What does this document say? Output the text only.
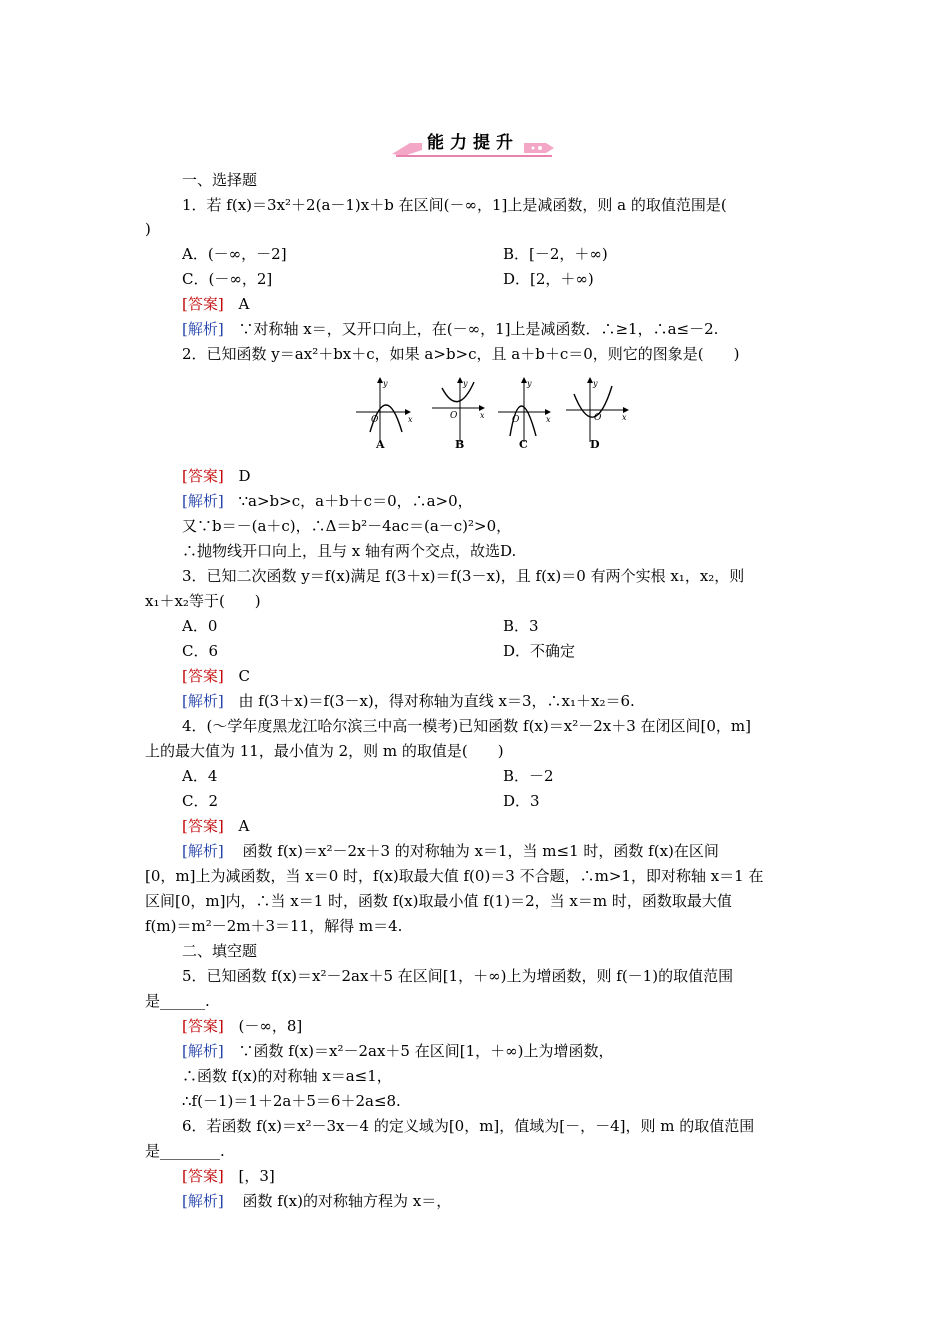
能力提升
一、选择题
1．若 f(x)＝3x²＋2(a－1)x＋b 在区间(－∞，1]上是减函数，则 a 的取值范围是(
)
A．(－∞，－2]	B．[－2，＋∞)
C．(－∞，2]	D．[2，＋∞)
[答案] A
[解析] ∵对称轴 x＝，又开口向上，在(－∞，1]上是减函数．∴≥1，∴a≤－2.
2．已知函数 y＝ax²＋bx＋c，如果 a>b>c，且 a＋b＋c＝0，则它的图象是(　　)
y
x
O
A
y
x
O
B
y
x
O
C
y
x
O
D
[答案] D
[解析] ∵a>b>c，a＋b＋c＝0，∴a>0，
又∵b＝－(a＋c)，∴Δ＝b²－4ac＝(a－c)²>0，
∴抛物线开口向上，且与 x 轴有两个交点，故选D.
3．已知二次函数 y＝f(x)满足 f(3＋x)＝f(3－x)，且 f(x)＝0 有两个实根 x₁，x₂，则
x₁＋x₂等于(　　)
A．0	B．3
C．6	D．不确定
[答案] C
[解析] 由 f(3＋x)＝f(3－x)，得对称轴为直线 x＝3，∴x₁＋x₂＝6.
4．(～学年度黑龙江哈尔滨三中高一模考)已知函数 f(x)＝x²－2x＋3 在闭区间[0，m]
上的最大值为 11，最小值为 2，则 m 的取值是(　　)
A．4	B．－2
C．2	D．3
[答案] A
[解析] 函数 f(x)＝x²－2x＋3 的对称轴为 x＝1，当 m≤1 时，函数 f(x)在区间
[0，m]上为减函数，当 x＝0 时，f(x)取最大值 f(0)＝3 不合题，∴m>1，即对称轴 x＝1 在
区间[0，m]内，∴当 x＝1 时，函数 f(x)取最小值 f(1)＝2，当 x＝m 时，函数取最大值
f(m)＝m²－2m＋3＝11，解得 m＝4.
二、填空题
5．已知函数 f(x)＝x²－2ax＋5 在区间[1，＋∞)上为增函数，则 f(－1)的取值范围
是______.
[答案] (－∞，8]
[解析] ∵函数 f(x)＝x²－2ax＋5 在区间[1，＋∞)上为增函数，
∴函数 f(x)的对称轴 x＝a≤1，
∴f(－1)＝1＋2a＋5＝6＋2a≤8.
6．若函数 f(x)＝x²－3x－4 的定义域为[0，m]，值域为[－，－4]，则 m 的取值范围
是________.
[答案] [，3]
[解析] 函数 f(x)的对称轴方程为 x＝，
